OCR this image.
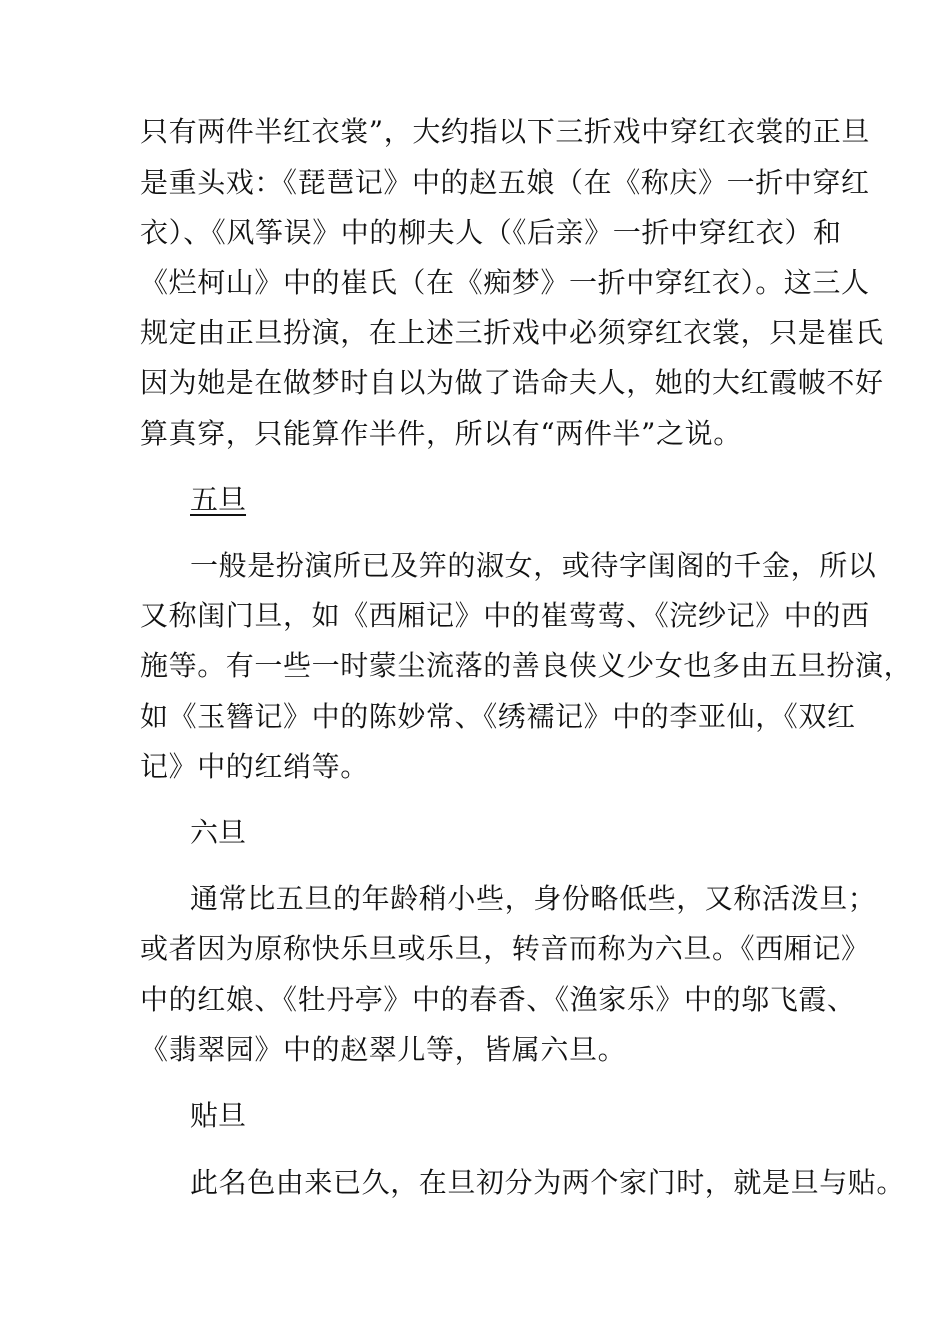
只有两件半红衣裳”，大约指以下三折戏中穿红衣裳的正旦
是重头戏：《琵琶记》中的赵五娘（在《称庆》一折中穿红
衣）、《风筝误》中的柳夫人（《后亲》一折中穿红衣）和
《烂柯山》中的崔氏（在《痴梦》一折中穿红衣）。这三人
规定由正旦扮演，在上述三折戏中必须穿红衣裳，只是崔氏
因为她是在做梦时自以为做了诰命夫人，她的大红霞帔不好
算真穿，只能算作半件，所以有“两件半”之说。
五旦
一般是扮演所已及笄的淑女，或待字闺阁的千金，所以
又称闺门旦，如《西厢记》中的崔莺莺、《浣纱记》中的西
施等。有一些一时蒙尘流落的善良侠义少女也多由五旦扮演，
如《玉簪记》中的陈妙常、《绣襦记》中的李亚仙，《双红
记》中的红绡等。
六旦
通常比五旦的年龄稍小些，身份略低些，又称活泼旦；
或者因为原称快乐旦或乐旦，转音而称为六旦。《西厢记》
中的红娘、《牡丹亭》中的春香、《渔家乐》中的邬飞霞、
《翡翠园》中的赵翠儿等，皆属六旦。
贴旦
此名色由来已久，在旦初分为两个家门时，就是旦与贴。
